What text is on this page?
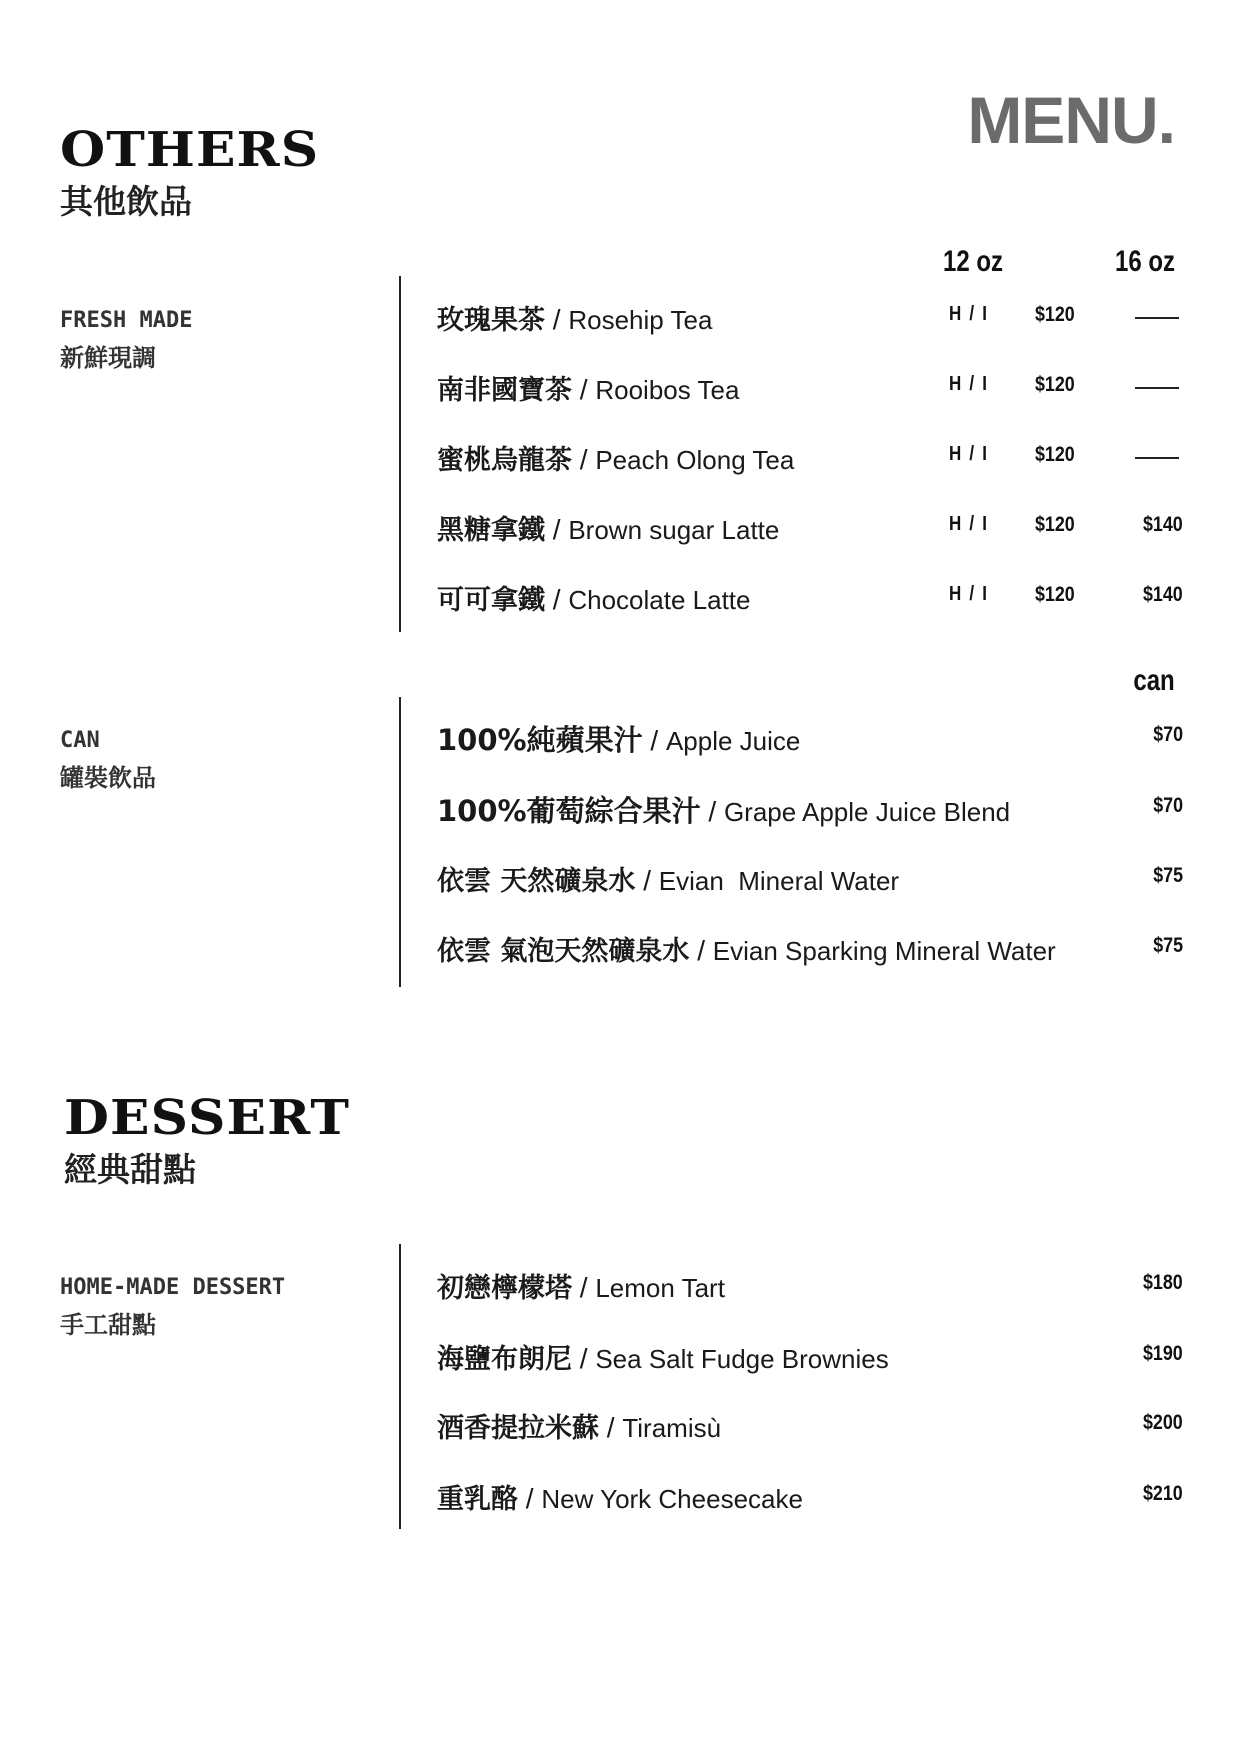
MENU.
OTHERS
其他飲品
12 oz	16 oz
FRESH MADE
新鮮現調
玫瑰果茶 / Rosehip Tea	H / I $120
南非國寶茶 / Rooibos Tea	H / I $120
蜜桃烏龍茶 / Peach Olong Tea	H / I $120
黑糖拿鐵 / Brown sugar Latte	H / I $120	$140
可可拿鐵 / Chocolate Latte	H / I $120	$140
can
CAN
罐裝飲品
100%純蘋果汁 / Apple Juice	$70
100%葡萄綜合果汁 / Grape Apple Juice Blend	$70
依雲 天然礦泉水 / Evian  Mineral Water	$75
依雲 氣泡天然礦泉水 / Evian Sparking Mineral Water	$75
DESSERT
經典甜點
HOME-MADE DESSERT
手工甜點
初戀檸檬塔 / Lemon Tart	$180
海鹽布朗尼 / Sea Salt Fudge Brownies	$190
酒香提拉米蘇 / Tiramisù	$200
重乳酪 / New York Cheesecake	$210
